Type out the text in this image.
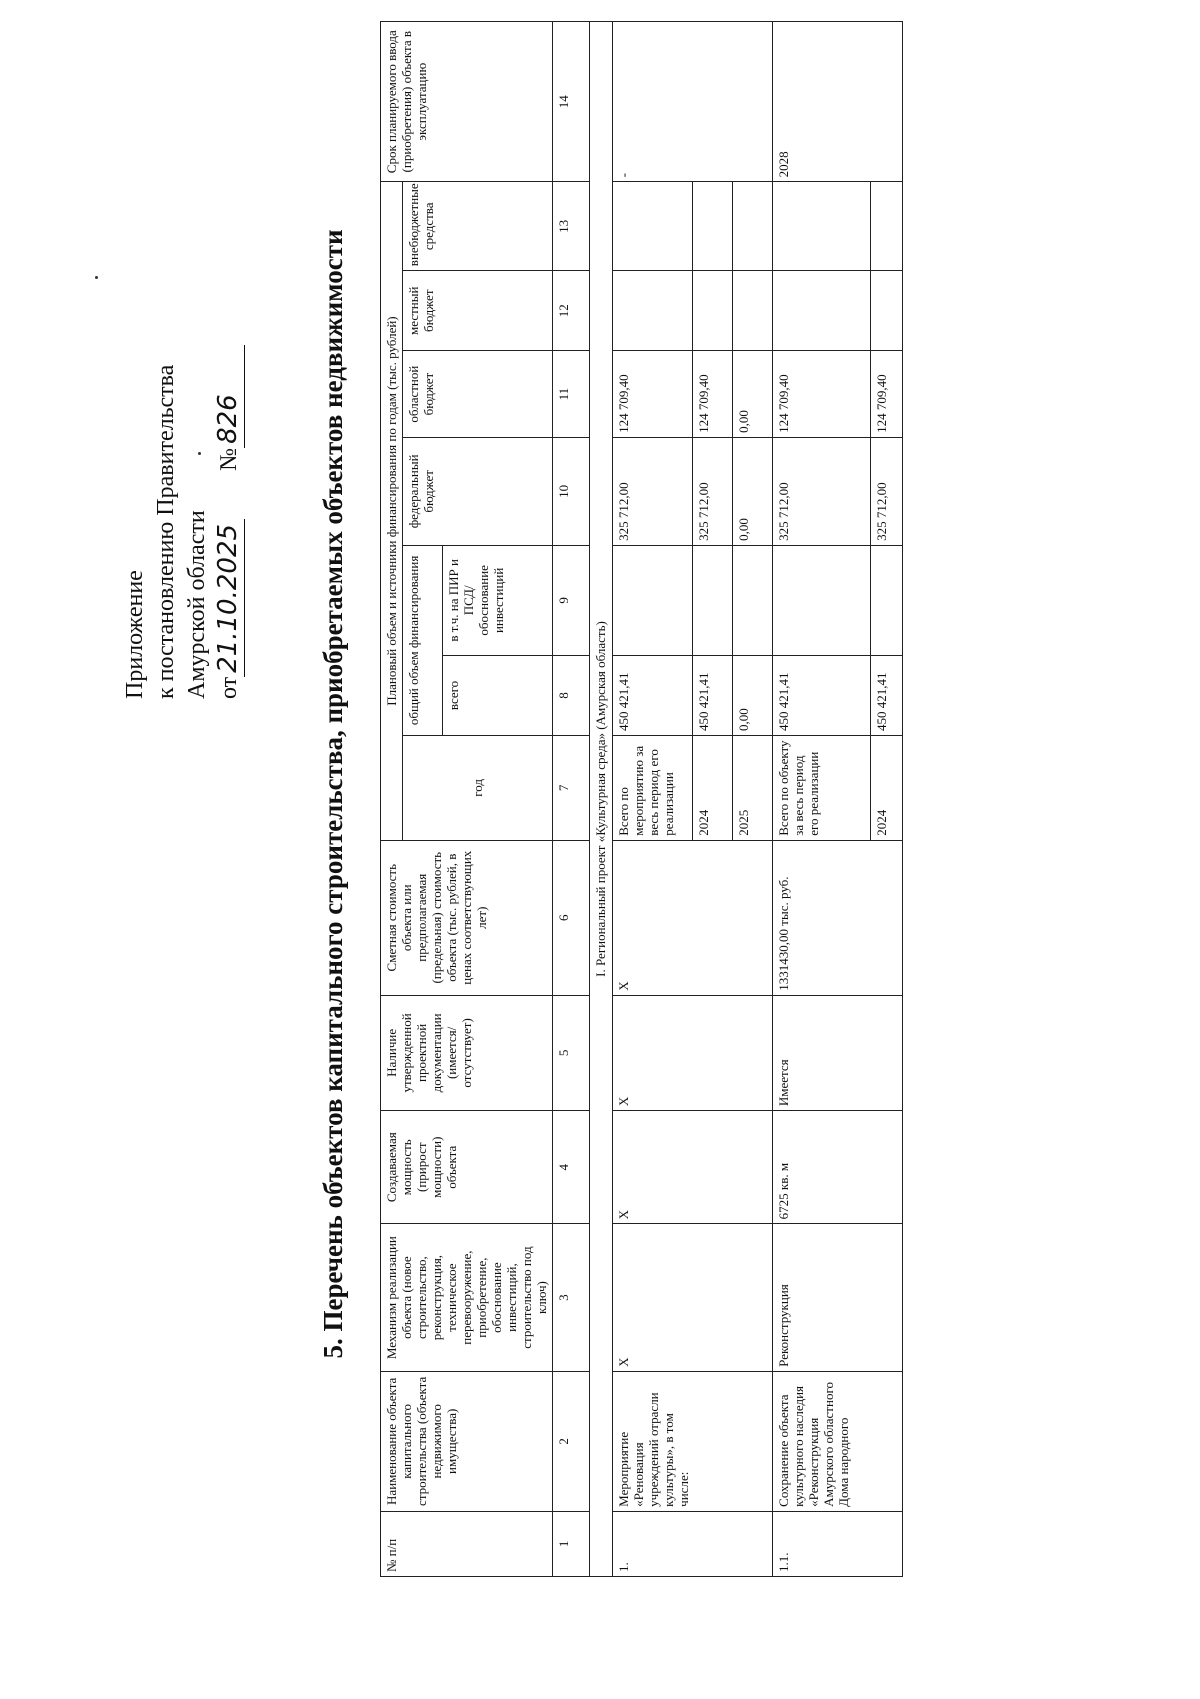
Приложение к постановлению Правительства Амурской области от21.10.2025        №826	5. Перечень объектов капитального строительства, приобретаемых объектов недвижимости
№ п/п	Наименование объекта капитального строительства (объекта недвижимого имущества)	Механизм реализации объекта (новое строительство, реконструкция, техническое перевооружение, приобретение, обоснование инвестиций, строительство под ключ)	Создаваемая мощность (прирост мощности) объекта	Наличие утвержденной проектной документации (имеется/ отсутствует)	Сметная стоимость объекта или предполагаемая (предельная) стоимость объекта (тыс. рублей, в ценах соответствующих лет)	Плановый объем и источники финансирования по годам (тыс. рублей)							Срок планируемого ввода (приобретения) объекта в эксплуатацию
						год	общий объем финансирования		федеральный бюджет	областной бюджет	местный бюджет	внебюджетные средства	
							всего	в т.ч. на ПИР и ПСД/ обоснование инвестиций					
1	2	3	4	5	6	7	8	9	10	11	12	13	14
I. Региональный проект «Культурная среда» (Амурская область)													
1.	Мероприятие «Реновация учреждений отрасли культуры», в том числе:	X	X	X	X	Всего по мероприятию за весь период его реализации	450 421,41		325 712,00	124 709,40			-
						2024	450 421,41		325 712,00	124 709,40			
						2025	0,00		0,00	0,00			
1.1.	Сохранение объекта культурного наследия «Реконструкция Амурского областного Дома народного	Реконструкция	6725 кв. м	Имеется	1331430,00 тыс. руб.	Всего по объекту за весь период его реализации	450 421,41		325 712,00	124 709,40			2028
						2024	450 421,41		325 712,00	124 709,40			
